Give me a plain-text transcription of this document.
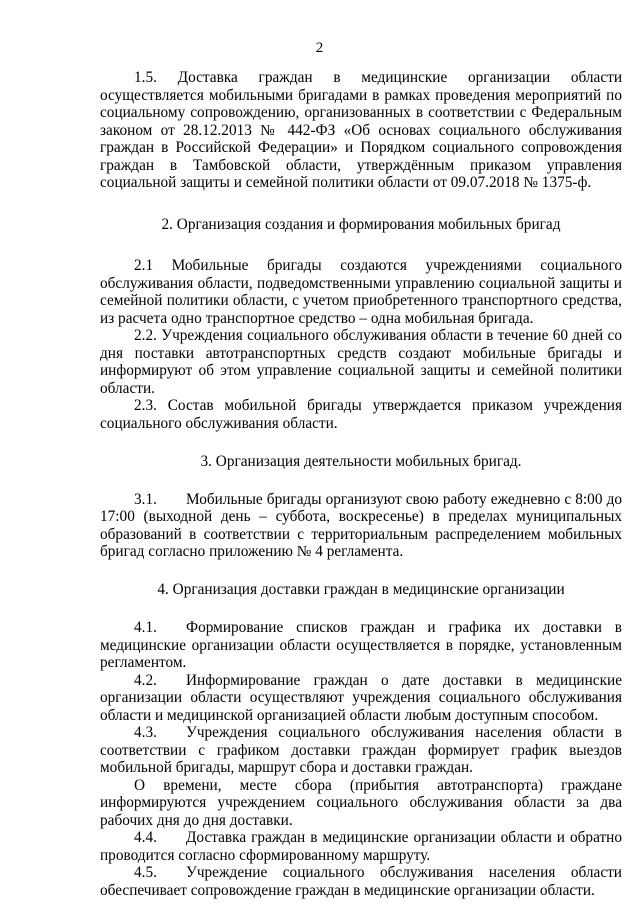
2

1.5. Доставка граждан в медицинские организации области осуществляется мобильными бригадами в рамках проведения мероприятий по социальному сопровождению, организованных в соответствии с Федеральным законом от 28.12.2013 № 442-ФЗ «Об основах социального обслуживания граждан в Российской Федерации» и Порядком социального сопровождения граждан в Тамбовской области, утверждённым приказом управления социальной защиты и семейной политики области от 09.07.2018 № 1375-ф.

2. Организация создания и формирования мобильных бригад

2.1 Мобильные бригады создаются учреждениями социального обслуживания области, подведомственными управлению социальной защиты и семейной политики области, с учетом приобретенного транспортного средства, из расчета одно транспортное средство – одна мобильная бригада.

2.2. Учреждения социального обслуживания области в течение 60 дней со дня поставки автотранспортных средств создают мобильные бригады и информируют об этом управление социальной защиты и семейной политики области.

2.3. Состав мобильной бригады утверждается приказом учреждения социального обслуживания области.

3. Организация деятельности мобильных бригад.

3.1. Мобильные бригады организуют свою работу ежедневно с 8:00 до 17:00 (выходной день – суббота, воскресенье) в пределах муниципальных образований в соответствии с территориальным распределением мобильных бригад согласно приложению № 4 регламента.

4. Организация доставки граждан в медицинские организации

4.1. Формирование списков граждан и графика их доставки в медицинские организации области осуществляется в порядке, установленным регламентом.

4.2. Информирование граждан о дате доставки в медицинские организации области осуществляют учреждения социального обслуживания области и медицинской организацией области любым доступным способом.

4.3. Учреждения социального обслуживания населения области в соответствии с графиком доставки граждан формирует график выездов мобильной бригады, маршрут сбора и доставки граждан.

О времени, месте сбора (прибытия автотранспорта) граждане информируются учреждением социального обслуживания области за два рабочих дня до дня доставки.

4.4. Доставка граждан в медицинские организации области и обратно проводится согласно сформированному маршруту.

4.5. Учреждение социального обслуживания населения области обеспечивает сопровождение граждан в медицинские организации области.
